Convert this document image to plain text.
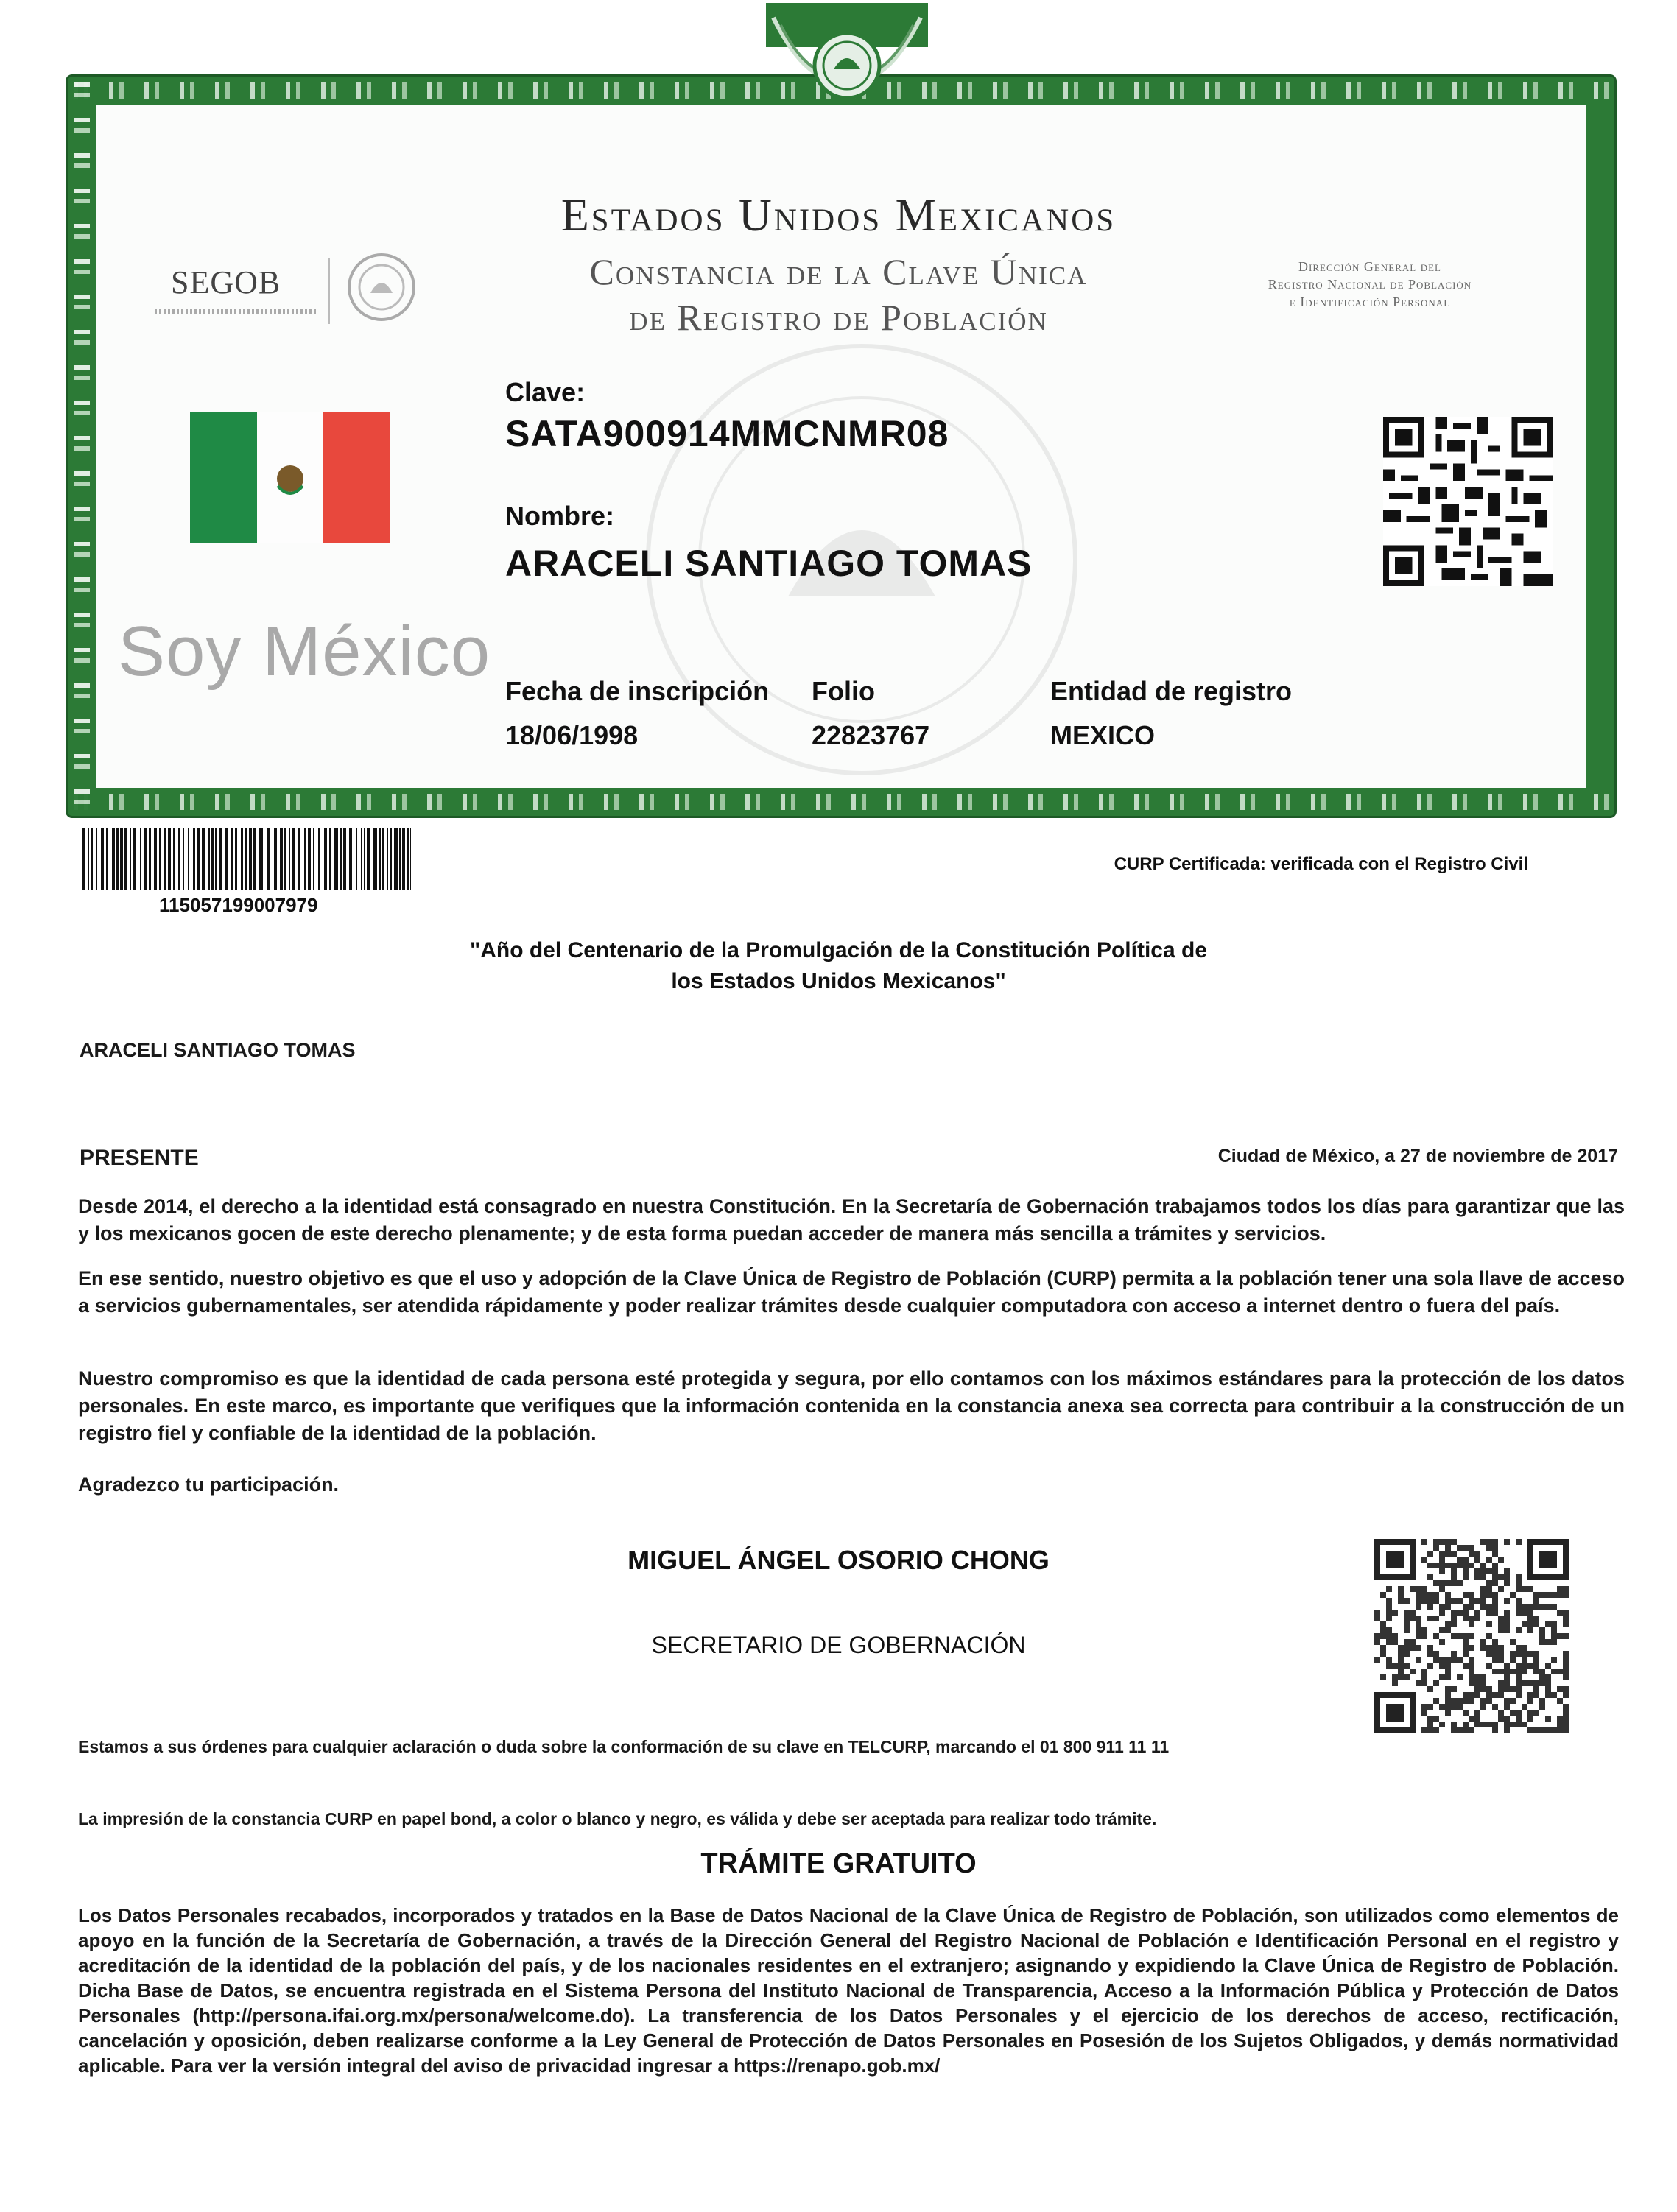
Estados Unidos Mexicanos
Constancia de la Clave Única
de Registro de Población
SEGOB	Dirección General del
Registro Nacional de Población
e Identificación Personal
Soy México
Clave:
SATA900914MMCNMR08
Nombre:
ARACELI SANTIAGO TOMAS
Fecha de inscripción
18/06/1998
Folio
22823767
Entidad de registro
MEXICO
115057199007979
CURP Certificada: verificada con el Registro Civil
"Año del Centenario de la Promulgación de la Constitución Política de
los Estados Unidos Mexicanos"
ARACELI SANTIAGO TOMAS
PRESENTE	Ciudad de México, a 27 de noviembre de 2017
Desde 2014, el derecho a la identidad está consagrado en nuestra Constitución. En la Secretaría de Gobernación trabajamos todos los días para garantizar que las y los mexicanos gocen de este derecho plenamente; y de esta forma puedan acceder de manera más sencilla a trámites y servicios.
En ese sentido, nuestro objetivo es que el uso y adopción de la Clave Única de Registro de Población (CURP) permita a la población tener una sola llave de acceso a servicios gubernamentales, ser atendida rápidamente y poder realizar trámites desde cualquier computadora con acceso a internet dentro o fuera del país.
Nuestro compromiso es que la identidad de cada persona esté protegida y segura, por ello contamos con los máximos estándares para la protección de los datos personales. En este marco, es importante que verifiques que la información contenida en la constancia anexa sea correcta para contribuir a la construcción de un registro fiel y confiable de la identidad de la población.
Agradezco tu participación.
MIGUEL ÁNGEL OSORIO CHONG
SECRETARIO DE GOBERNACIÓN
Estamos a sus órdenes para cualquier aclaración o duda sobre la conformación de su clave en TELCURP, marcando el 01 800 911 11 11
La impresión de la constancia CURP en papel bond, a color o blanco y negro, es válida y debe ser aceptada para realizar todo trámite.
TRÁMITE GRATUITO
Los Datos Personales recabados, incorporados y tratados en la Base de Datos Nacional de la Clave Única de Registro de Población, son utilizados como elementos de apoyo en la función de la Secretaría de Gobernación, a través de la Dirección General del Registro Nacional de Población e Identificación Personal en el registro y acreditación de la identidad de la población del país, y de los nacionales residentes en el extranjero; asignando y expidiendo la Clave Única de Registro de Población. Dicha Base de Datos, se encuentra registrada en el Sistema Persona del Instituto Nacional de Transparencia, Acceso a la Información Pública y Protección de Datos Personales (http://persona.ifai.org.mx/persona/welcome.do). La transferencia de los Datos Personales y el ejercicio de los derechos de acceso, rectificación, cancelación y oposición, deben realizarse conforme a la Ley General de Protección de Datos Personales en Posesión de los Sujetos Obligados, y demás normatividad aplicable. Para ver la versión integral del aviso de privacidad ingresar a https://renapo.gob.mx/
